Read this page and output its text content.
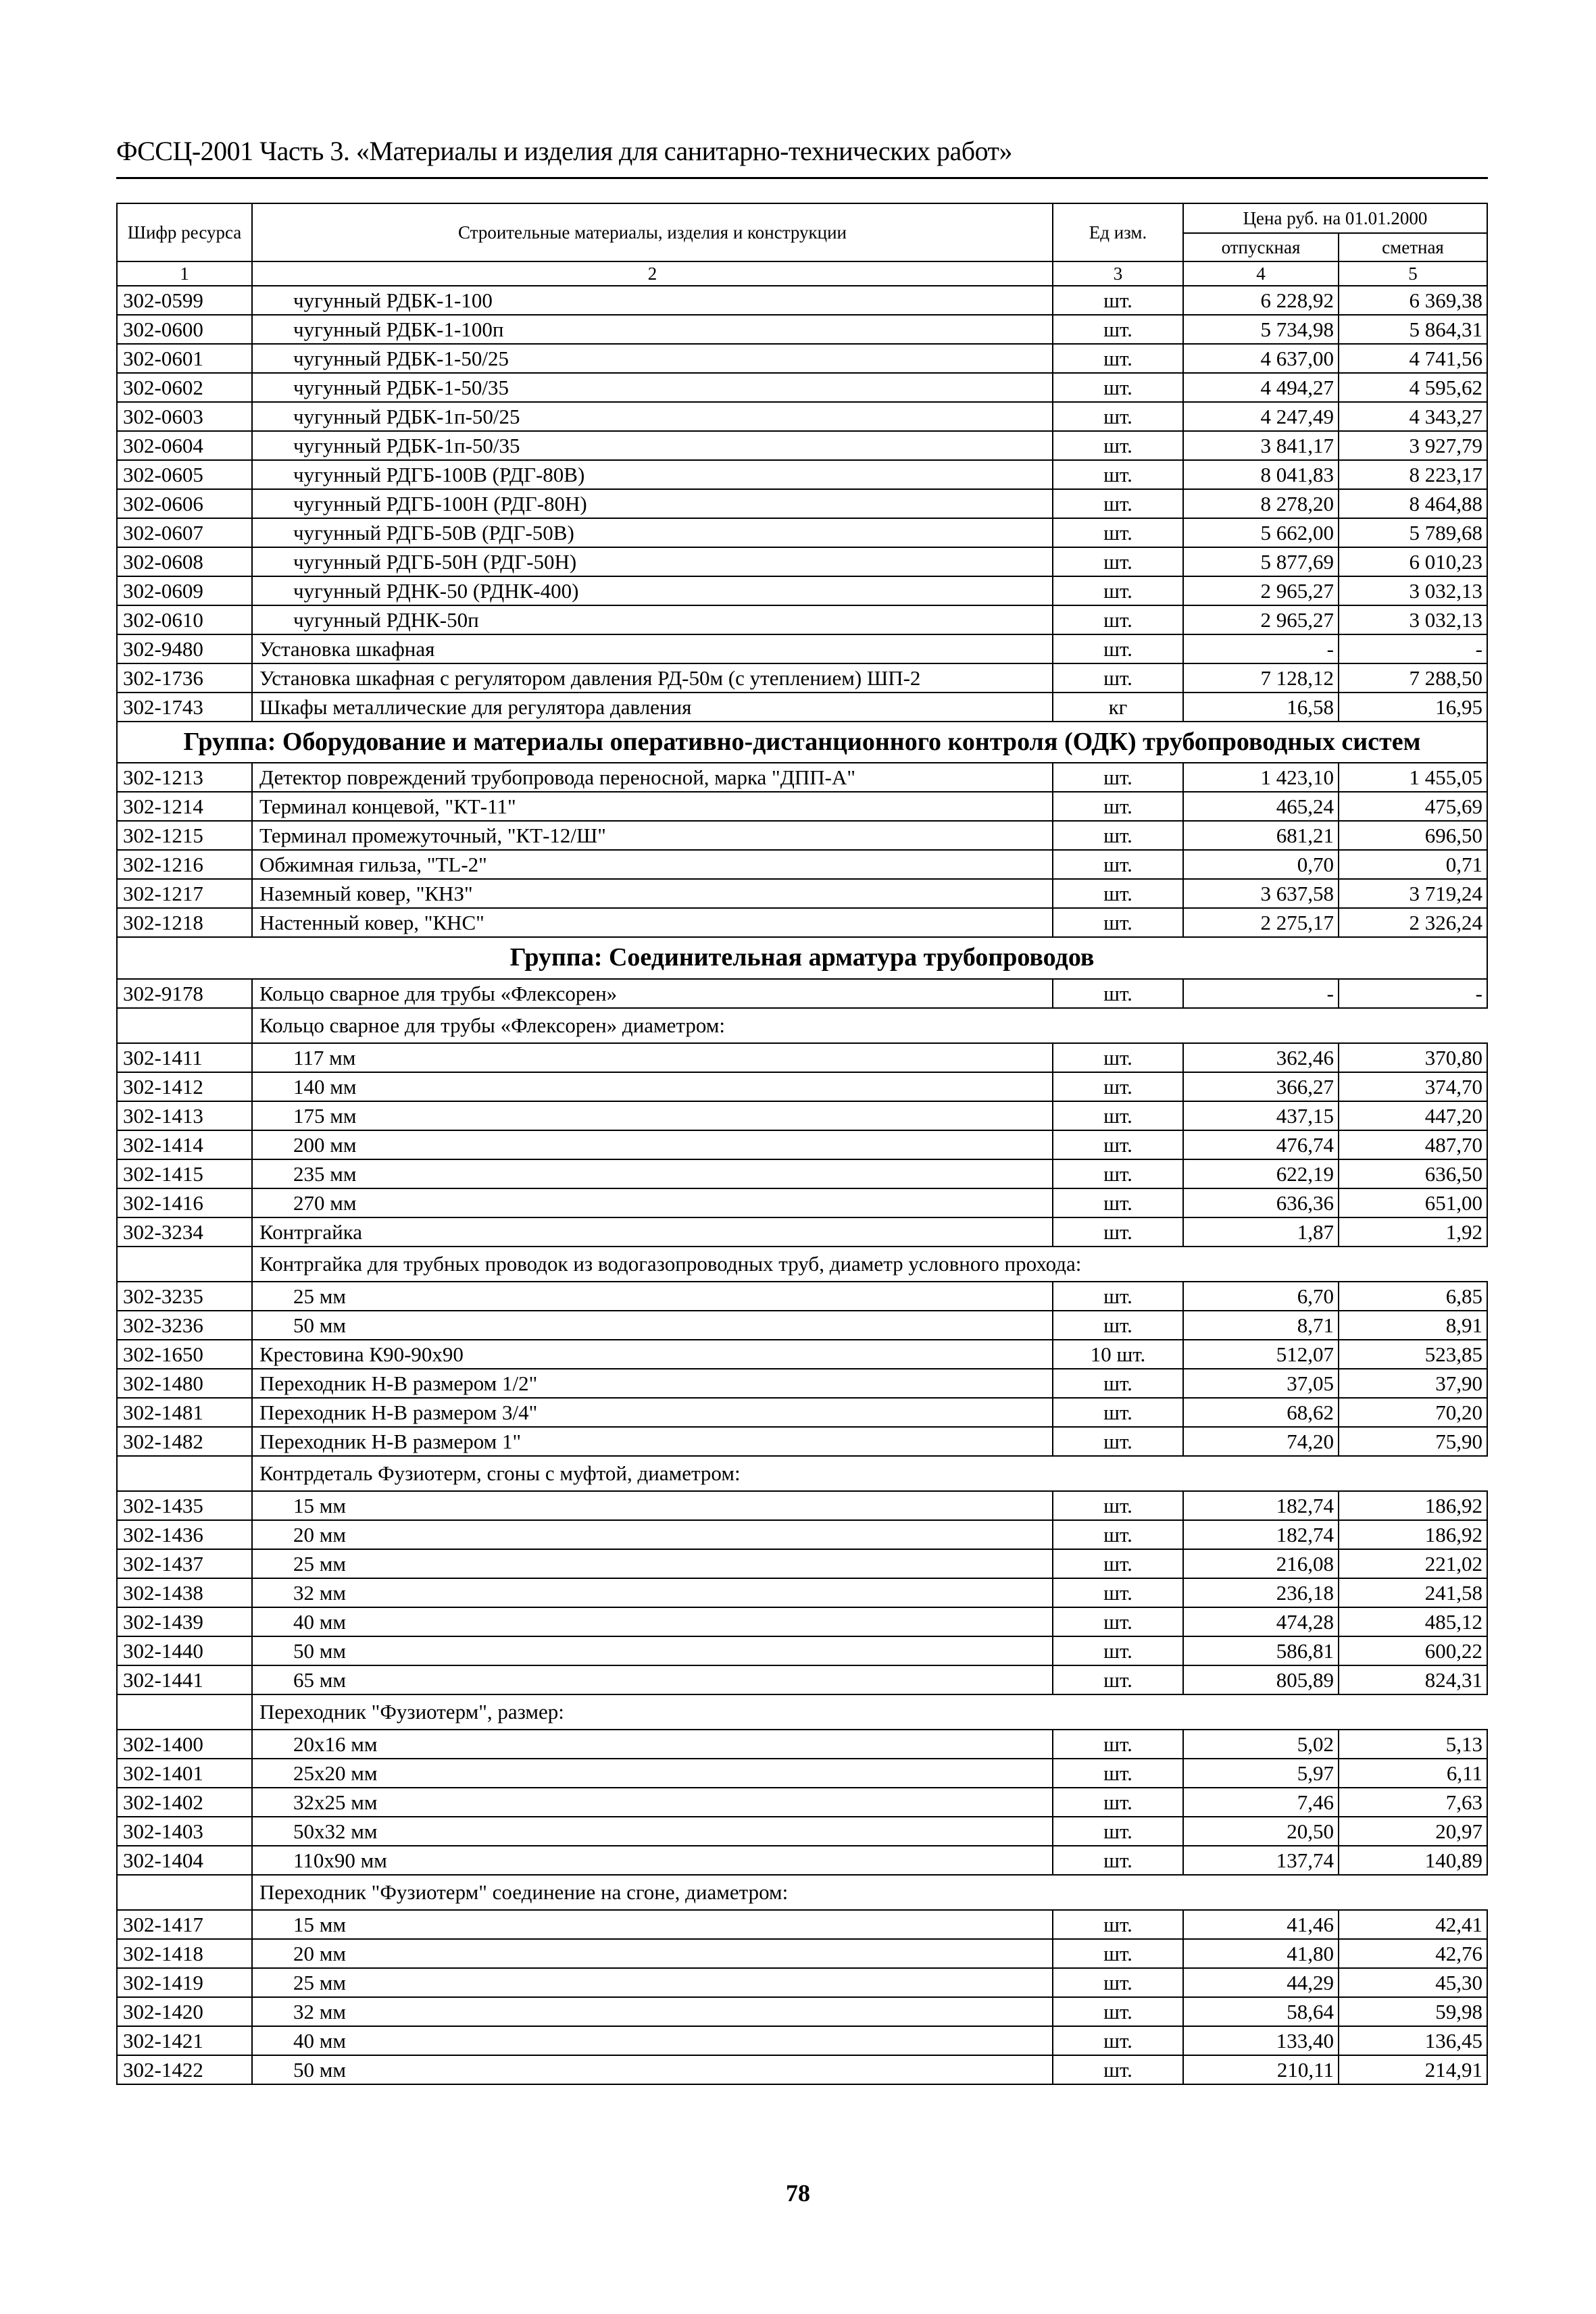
ФССЦ-2001 Часть 3. «Материалы и изделия для санитарно-технических работ»
Шифр ресурса	Строительные материалы, изделия и конструкции	Ед изм.	Цена руб. на 01.01.2000	
			отпускная	сметная
1	2	3	4	5
302-0599	чугунный РДБК-1-100	шт.	6 228,92	6 369,38
302-0600	чугунный РДБК-1-100п	шт.	5 734,98	5 864,31
302-0601	чугунный РДБК-1-50/25	шт.	4 637,00	4 741,56
302-0602	чугунный РДБК-1-50/35	шт.	4 494,27	4 595,62
302-0603	чугунный РДБК-1п-50/25	шт.	4 247,49	4 343,27
302-0604	чугунный РДБК-1п-50/35	шт.	3 841,17	3 927,79
302-0605	чугунный РДГБ-100В (РДГ-80В)	шт.	8 041,83	8 223,17
302-0606	чугунный РДГБ-100Н (РДГ-80Н)	шт.	8 278,20	8 464,88
302-0607	чугунный РДГБ-50В (РДГ-50В)	шт.	5 662,00	5 789,68
302-0608	чугунный РДГБ-50Н (РДГ-50Н)	шт.	5 877,69	6 010,23
302-0609	чугунный РДНК-50 (РДНК-400)	шт.	2 965,27	3 032,13
302-0610	чугунный РДНК-50п	шт.	2 965,27	3 032,13
302-9480	Установка шкафная	шт.	-	-
302-1736	Установка шкафная с регулятором давления РД-50м (с утеплением) ШП-2	шт.	7 128,12	7 288,50
302-1743	Шкафы металлические для регулятора давления	кг	16,58	16,95
Группа: Оборудование и материалы оперативно-дистанционного контроля (ОДК) трубопроводных систем				
302-1213	Детектор повреждений трубопровода переносной, марка "ДПП-А"	шт.	1 423,10	1 455,05
302-1214	Терминал концевой, "КТ-11"	шт.	465,24	475,69
302-1215	Терминал промежуточный, "КТ-12/Ш"	шт.	681,21	696,50
302-1216	Обжимная гильза, "TL-2"	шт.	0,70	0,71
302-1217	Наземный ковер, "КНЗ"	шт.	3 637,58	3 719,24
302-1218	Настенный ковер, "КНС"	шт.	2 275,17	2 326,24
Группа: Соединительная арматура трубопроводов				
302-9178	Кольцо сварное для трубы «Флексорен»	шт.	-	-
	Кольцо сварное для трубы «Флексорен» диаметром:			
302-1411	117 мм	шт.	362,46	370,80
302-1412	140 мм	шт.	366,27	374,70
302-1413	175 мм	шт.	437,15	447,20
302-1414	200 мм	шт.	476,74	487,70
302-1415	235 мм	шт.	622,19	636,50
302-1416	270 мм	шт.	636,36	651,00
302-3234	Контргайка	шт.	1,87	1,92
	Контргайка для трубных проводок из водогазопроводных труб, диаметр условного прохода:			
302-3235	25 мм	шт.	6,70	6,85
302-3236	50 мм	шт.	8,71	8,91
302-1650	Крестовина К90-90х90	10 шт.	512,07	523,85
302-1480	Переходник Н-В размером 1/2"	шт.	37,05	37,90
302-1481	Переходник Н-В размером 3/4"	шт.	68,62	70,20
302-1482	Переходник Н-В размером 1"	шт.	74,20	75,90
	Контрдеталь Фузиотерм, сгоны с муфтой, диаметром:			
302-1435	15 мм	шт.	182,74	186,92
302-1436	20 мм	шт.	182,74	186,92
302-1437	25 мм	шт.	216,08	221,02
302-1438	32 мм	шт.	236,18	241,58
302-1439	40 мм	шт.	474,28	485,12
302-1440	50 мм	шт.	586,81	600,22
302-1441	65 мм	шт.	805,89	824,31
	Переходник "Фузиотерм", размер:			
302-1400	20х16 мм	шт.	5,02	5,13
302-1401	25х20 мм	шт.	5,97	6,11
302-1402	32х25 мм	шт.	7,46	7,63
302-1403	50х32 мм	шт.	20,50	20,97
302-1404	110х90 мм	шт.	137,74	140,89
	Переходник "Фузиотерм" соединение на сгоне, диаметром:			
302-1417	15 мм	шт.	41,46	42,41
302-1418	20 мм	шт.	41,80	42,76
302-1419	25 мм	шт.	44,29	45,30
302-1420	32 мм	шт.	58,64	59,98
302-1421	40 мм	шт.	133,40	136,45
302-1422	50 мм	шт.	210,11	214,91
78
